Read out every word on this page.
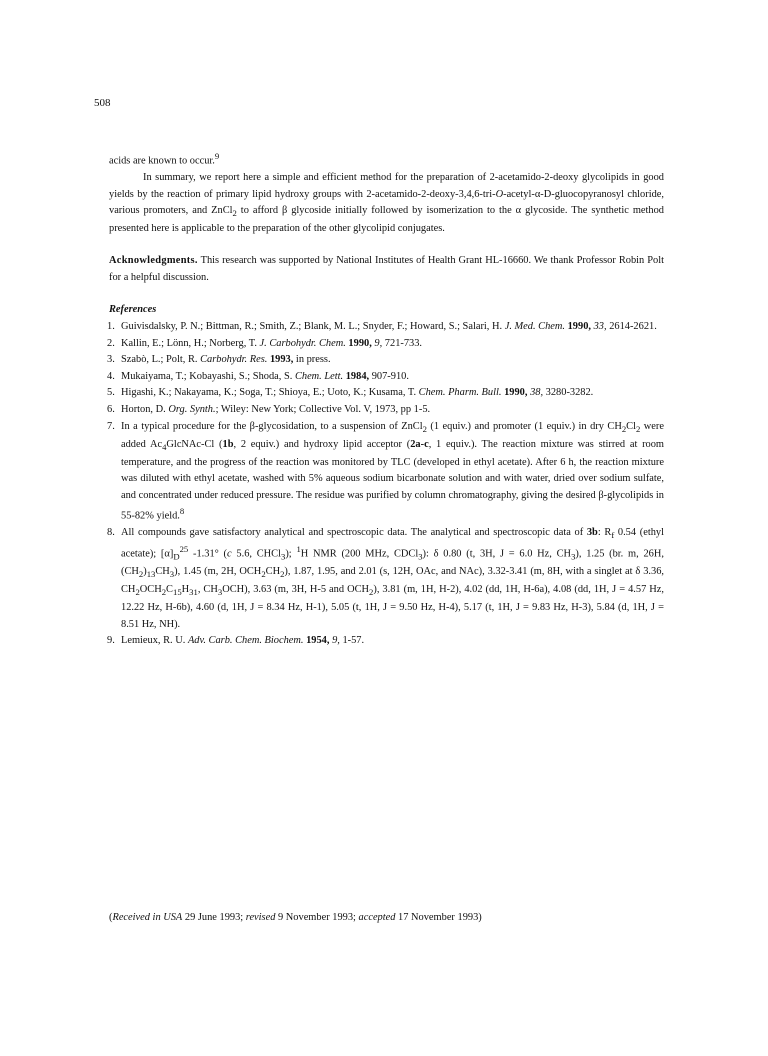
508

acids are known to occur.$^9$

In summary, we report here a simple and efficient method for the preparation of 2-acetamido-2-deoxy glycolipids in good yields by the reaction of primary lipid hydroxy groups with 2-acetamido-2-deoxy-3,4,6-tri-O-acetyl-α-D-gluocopyranosyl chloride, various promoters, and ZnCl$_2$ to afford β glycoside initially followed by isomerization to the α glycoside. The synthetic method presented here is applicable to the preparation of the other glycolipid conjugates.

Acknowledgments. This research was supported by National Institutes of Health Grant HL-16660. We thank Professor Robin Polt for a helpful discussion.

References
1. Guivisdalsky, P. N.; Bittman, R.; Smith, Z.; Blank, M. L.; Snyder, F.; Howard, S.; Salari, H. J. Med. Chem. 1990, 33, 2614-2621.
2. Kallin, E.; Lönn, H.; Norberg, T. J. Carbohydr. Chem. 1990, 9, 721-733.
3. Szabò, L.; Polt, R. Carbohydr. Res. 1993, in press.
4. Mukaiyama, T.; Kobayashi, S.; Shoda, S. Chem. Lett. 1984, 907-910.
5. Higashi, K.; Nakayama, K.; Soga, T.; Shioya, E.; Uoto, K.; Kusama, T. Chem. Pharm. Bull. 1990, 38, 3280-3282.
6. Horton, D. Org. Synth.; Wiley: New York; Collective Vol. V, 1973, pp 1-5.
7. In a typical procedure for the β-glycosidation, to a suspension of ZnCl$_2$ (1 equiv.) and promoter (1 equiv.) in dry $CH_2Cl_2$ were added $Ac_4GlcNAc-Cl$ (1b, 2 equiv.) and hydroxy lipid acceptor (2a-c, 1 equiv.). The reaction mixture was stirred at room temperature, and the progress of the reaction was monitored by TLC (developed in ethyl acetate). After 6 h, the reaction mixture was diluted with ethyl acetate, washed with 5% aqueous sodium bicarbonate solution and with water, dried over sodium sulfate, and concentrated under reduced pressure. The residue was purified by column chromatography, giving the desired β-glycolipids in 55-82% yield.$^8$
8. All compounds gave satisfactory analytical and spectroscopic data. The analytical and spectroscopic data of 3b: $R_f$ 0.54 (ethyl acetate); $[\alpha]_D^{25}$ -1.31° (c 5.6, CHCl$_3$); $^1$H NMR (200 MHz, CDCl$_3$): δ 0.80 (t, 3H, J = 6.0 Hz, $CH_3$), 1.25 (br. m, 26H, $(CH_2)_{13}CH_3$), 1.45 (m, 2H, $OCH_2CH_2$), 1.87, 1.95, and 2.01 (s, 12H, OAc, and NAc), 3.32-3.41 (m, 8H, with a singlet at δ 3.36, $CH_2OCH_2C_{15}H_{31}$, $CH_3OCH$), 3.63 (m, 3H, H-5 and $OCH_2$), 3.81 (m, 1H, H-2), 4.02 (dd, 1H, H-6a), 4.08 (dd, 1H, J = 4.57 Hz, 12.22 Hz, H-6b), 4.60 (d, 1H, J = 8.34 Hz, H-1), 5.05 (t, 1H, J = 9.50 Hz, H-4), 5.17 (t, 1H, J = 9.83 Hz, H-3), 5.84 (d, 1H, J = 8.51 Hz, NH).
9. Lemieux, R. U. Adv. Carb. Chem. Biochem. 1954, 9, 1-57.
(Received in USA 29 June 1993; revised 9 November 1993; accepted 17 November 1993)
